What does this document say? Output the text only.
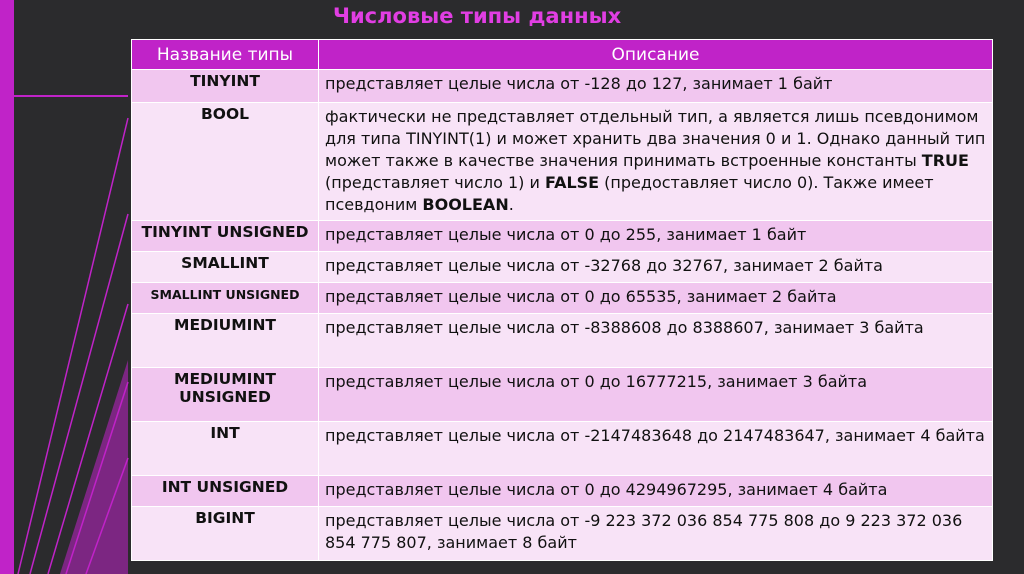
Числовые типы данных
Название типы	Описание
TINYINT	представляет целые числа от -128 до 127, занимает 1 байт
BOOL	фактически не представляет отдельный тип, а является лишь псевдонимом для типа TINYINT(1) и может хранить два значения 0 и 1. Однако данный тип может также в качестве значения принимать встроенные константы TRUE (представляет число 1) и FALSE (предоставляет число 0). Также имеет псевдоним BOOLEAN.
TINYINT UNSIGNED	представляет целые числа от 0 до 255, занимает 1 байт
SMALLINT	представляет целые числа от -32768 до 32767, занимает 2 байта
SMALLINT UNSIGNED	представляет целые числа от 0 до 65535, занимает 2 байта
MEDIUMINT	представляет целые числа от -8388608 до 8388607, занимает 3 байта
MEDIUMINT UNSIGNED	представляет целые числа от 0 до 16777215, занимает 3 байта
INT	представляет целые числа от -2147483648 до 2147483647, занимает 4 байта
INT UNSIGNED	представляет целые числа от 0 до 4294967295, занимает 4 байта
BIGINT	представляет целые числа от -9 223 372 036 854 775 808 до 9 223 372 036 854 775 807, занимает 8 байт
